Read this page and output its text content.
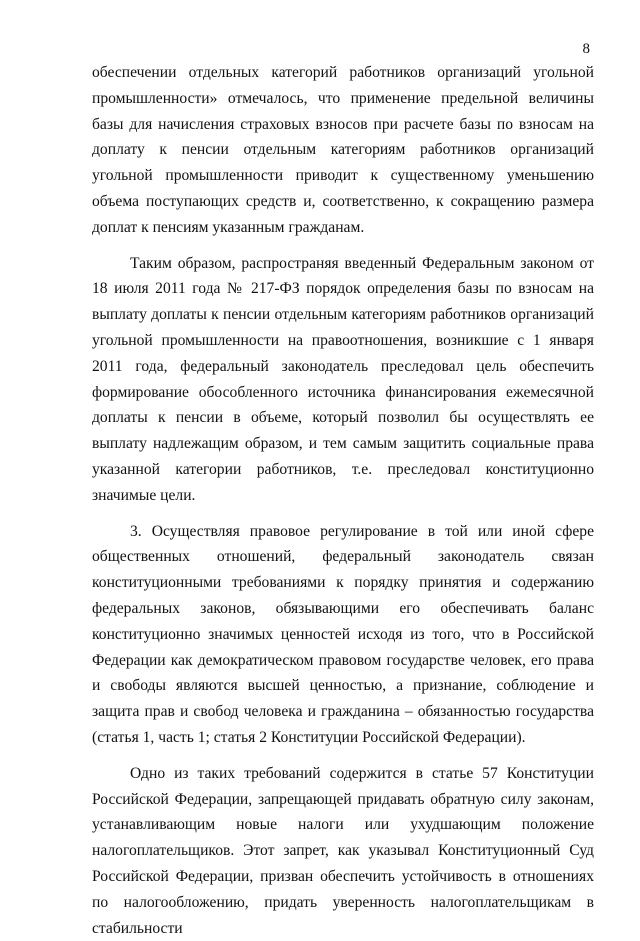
8

обеспечении отдельных категорий работников организаций угольной промышленности» отмечалось, что применение предельной величины базы для начисления страховых взносов при расчете базы по взносам на доплату к пенсии отдельным категориям работников организаций угольной промышленности приводит к существенному уменьшению объема поступающих средств и, соответственно, к сокращению размера доплат к пенсиям указанным гражданам.

Таким образом, распространяя введенный Федеральным законом от 18 июля 2011 года № 217-ФЗ порядок определения базы по взносам на выплату доплаты к пенсии отдельным категориям работников организаций угольной промышленности на правоотношения, возникшие с 1 января 2011 года, федеральный законодатель преследовал цель обеспечить формирование обособленного источника финансирования ежемесячной доплаты к пенсии в объеме, который позволил бы осуществлять ее выплату надлежащим образом, и тем самым защитить социальные права указанной категории работников, т.е. преследовал конституционно значимые цели.

3. Осуществляя правовое регулирование в той или иной сфере общественных отношений, федеральный законодатель связан конституционными требованиями к порядку принятия и содержанию федеральных законов, обязывающими его обеспечивать баланс конституционно значимых ценностей исходя из того, что в Российской Федерации как демократическом правовом государстве человек, его права и свободы являются высшей ценностью, а признание, соблюдение и защита прав и свобод человека и гражданина – обязанностью государства (статья 1, часть 1; статья 2 Конституции Российской Федерации).

Одно из таких требований содержится в статье 57 Конституции Российской Федерации, запрещающей придавать обратную силу законам, устанавливающим новые налоги или ухудшающим положение налогоплательщиков. Этот запрет, как указывал Конституционный Суд Российской Федерации, призван обеспечить устойчивость в отношениях по налогообложению, придать уверенность налогоплательщикам в стабильности
